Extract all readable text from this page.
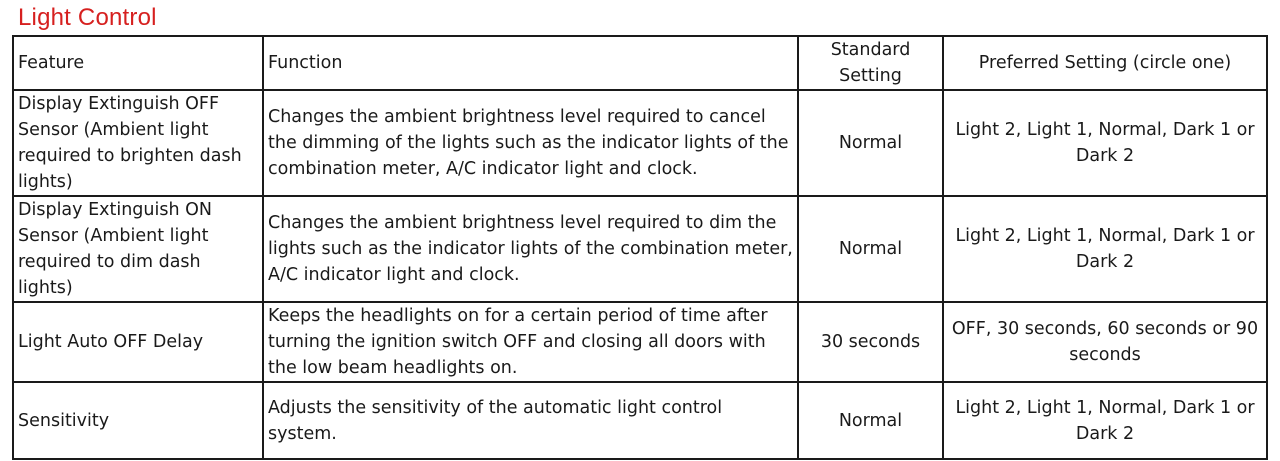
Light Control
Feature	Function	Standard Setting	Preferred Setting (circle one)
Display Extinguish OFF Sensor (Ambient light required to brighten dash lights)	Changes the ambient brightness level required to cancel the dimming of the lights such as the indicator lights of the combination meter, A/C indicator light and clock.	Normal	Light 2, Light 1, Normal, Dark 1 or Dark 2
Display Extinguish ON Sensor (Ambient light required to dim dash lights)	Changes the ambient brightness level required to dim the lights such as the indicator lights of the combination meter, A/C indicator light and clock.	Normal	Light 2, Light 1, Normal, Dark 1 or Dark 2
Light Auto OFF Delay	Keeps the headlights on for a certain period of time after turning the ignition switch OFF and closing all doors with the low beam headlights on.	30 seconds	OFF, 30 seconds, 60 seconds or 90 seconds
Sensitivity	Adjusts the sensitivity of the automatic light control system.	Normal	Light 2, Light 1, Normal, Dark 1 or Dark 2
